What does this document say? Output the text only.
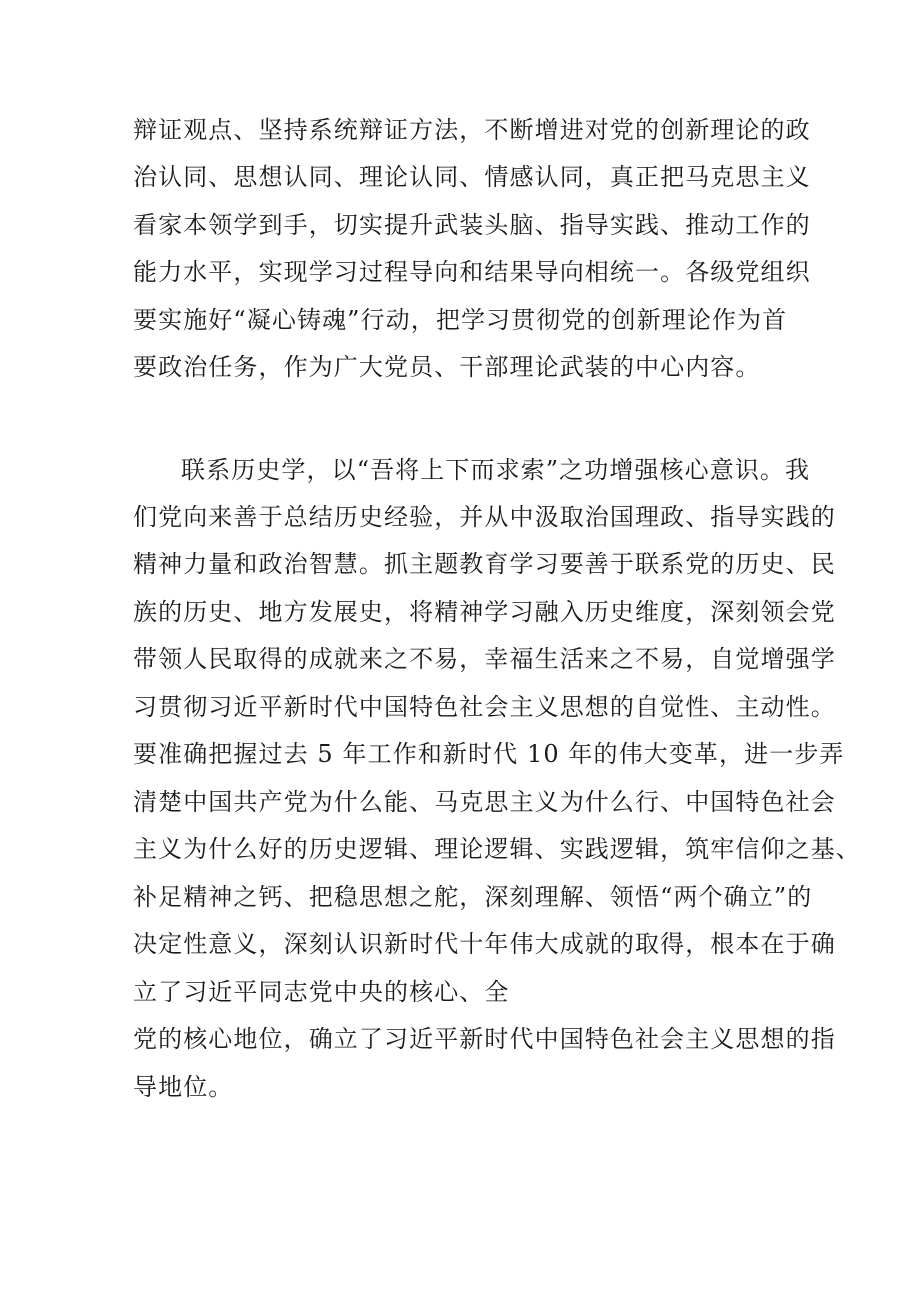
辩证观点、坚持系统辩证方法，不断增进对党的创新理论的政
治认同、思想认同、理论认同、情感认同，真正把马克思主义
看家本领学到手，切实提升武装头脑、指导实践、推动工作的
能力水平，实现学习过程导向和结果导向相统一。各级党组织
要实施好“凝心铸魂”行动，把学习贯彻党的创新理论作为首
要政治任务，作为广大党员、干部理论武装的中心内容。
联系历史学，以“吾将上下而求索”之功增强核心意识。我
们党向来善于总结历史经验，并从中汲取治国理政、指导实践的
精神力量和政治智慧。抓主题教育学习要善于联系党的历史、民
族的历史、地方发展史，将精神学习融入历史维度，深刻领会党
带领人民取得的成就来之不易，幸福生活来之不易，自觉增强学
习贯彻习近平新时代中国特色社会主义思想的自觉性、主动性。
要准确把握过去 5 年工作和新时代 10 年的伟大变革，进一步弄
清楚中国共产党为什么能、马克思主义为什么行、中国特色社会
主义为什么好的历史逻辑、理论逻辑、实践逻辑，筑牢信仰之基、
补足精神之钙、把稳思想之舵，深刻理解、领悟“两个确立”的
决定性意义，深刻认识新时代十年伟大成就的取得，根本在于确
立了习近平同志党中央的核心、全
党的核心地位，确立了习近平新时代中国特色社会主义思想的指
导地位。
